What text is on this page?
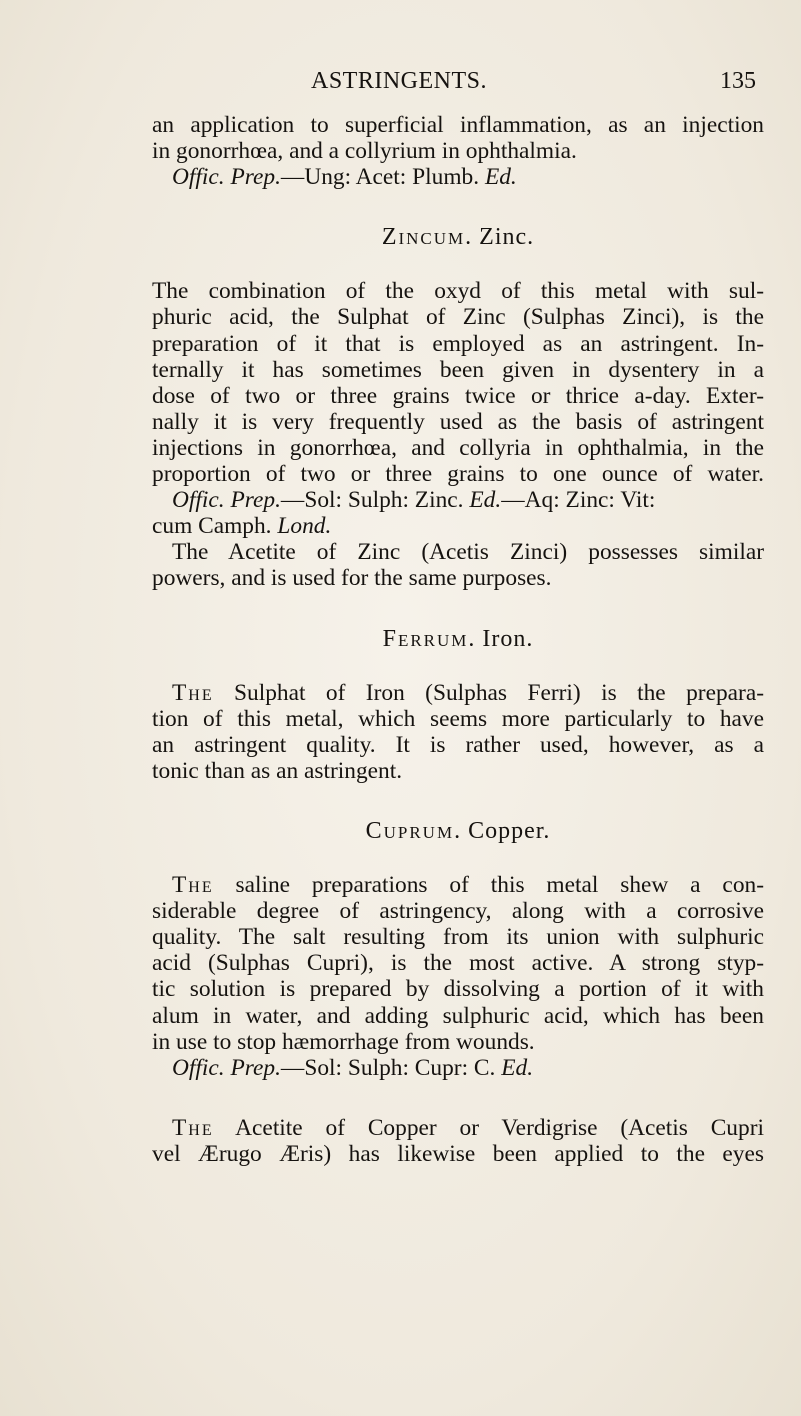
ASTRINGENTS.	135
an application to superficial inflammation, as an injection
in gonorrhœa, and a collyrium in ophthalmia.
Offic. Prep.—Ung: Acet: Plumb. Ed.
Zincum. Zinc.
The combination of the oxyd of this metal with sul-
phuric acid, the Sulphat of Zinc (Sulphas Zinci), is the
preparation of it that is employed as an astringent. In-
ternally it has sometimes been given in dysentery in a
dose of two or three grains twice or thrice a-day. Exter-
nally it is very frequently used as the basis of astringent
injections in gonorrhœa, and collyria in ophthalmia, in the
proportion of two or three grains to one ounce of water.
Offic. Prep.—Sol: Sulph: Zinc. Ed.—Aq: Zinc: Vit:
cum Camph. Lond.
The Acetite of Zinc (Acetis Zinci) possesses similar
powers, and is used for the same purposes.
Ferrum. Iron.
The Sulphat of Iron (Sulphas Ferri) is the prepara-
tion of this metal, which seems more particularly to have
an astringent quality. It is rather used, however, as a
tonic than as an astringent.
Cuprum. Copper.
The saline preparations of this metal shew a con-
siderable degree of astringency, along with a corrosive
quality. The salt resulting from its union with sulphuric
acid (Sulphas Cupri), is the most active. A strong styp-
tic solution is prepared by dissolving a portion of it with
alum in water, and adding sulphuric acid, which has been
in use to stop hæmorrhage from wounds.
Offic. Prep.—Sol: Sulph: Cupr: C. Ed.
The Acetite of Copper or Verdigrise (Acetis Cupri
vel Ærugo Æris) has likewise been applied to the eyes
